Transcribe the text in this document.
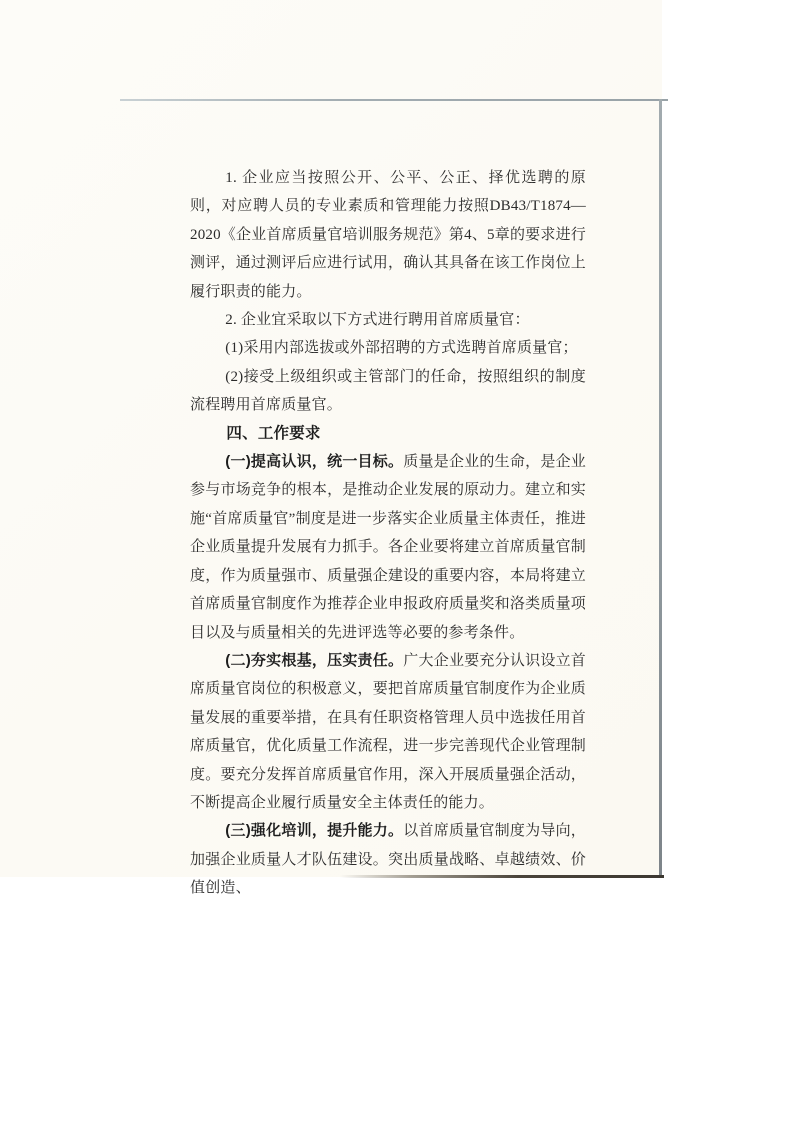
1. 企业应当按照公开、公平、公正、择优选聘的原则，对应聘人员的专业素质和管理能力按照DB43/T1874—2020《企业首席质量官培训服务规范》第4、5章的要求进行测评，通过测评后应进行试用，确认其具备在该工作岗位上履行职责的能力。

2. 企业宜采取以下方式进行聘用首席质量官：

(1)采用内部选拔或外部招聘的方式选聘首席质量官；

(2)接受上级组织或主管部门的任命，按照组织的制度流程聘用首席质量官。

四、工作要求

(一)提高认识，统一目标。质量是企业的生命，是企业参与市场竞争的根本，是推动企业发展的原动力。建立和实施“首席质量官”制度是进一步落实企业质量主体责任，推进企业质量提升发展有力抓手。各企业要将建立首席质量官制度，作为质量强市、质量强企建设的重要内容，本局将建立首席质量官制度作为推荐企业申报政府质量奖和洛类质量项目以及与质量相关的先进评选等必要的参考条件。

(二)夯实根基，压实责任。广大企业要充分认识设立首席质量官岗位的积极意义，要把首席质量官制度作为企业质量发展的重要举措，在具有任职资格管理人员中选拔任用首席质量官，优化质量工作流程，进一步完善现代企业管理制度。要充分发挥首席质量官作用，深入开展质量强企活动，不断提高企业履行质量安全主体责任的能力。

(三)强化培训，提升能力。以首席质量官制度为导向，加强企业质量人才队伍建设。突出质量战略、卓越绩效、价值创造、
